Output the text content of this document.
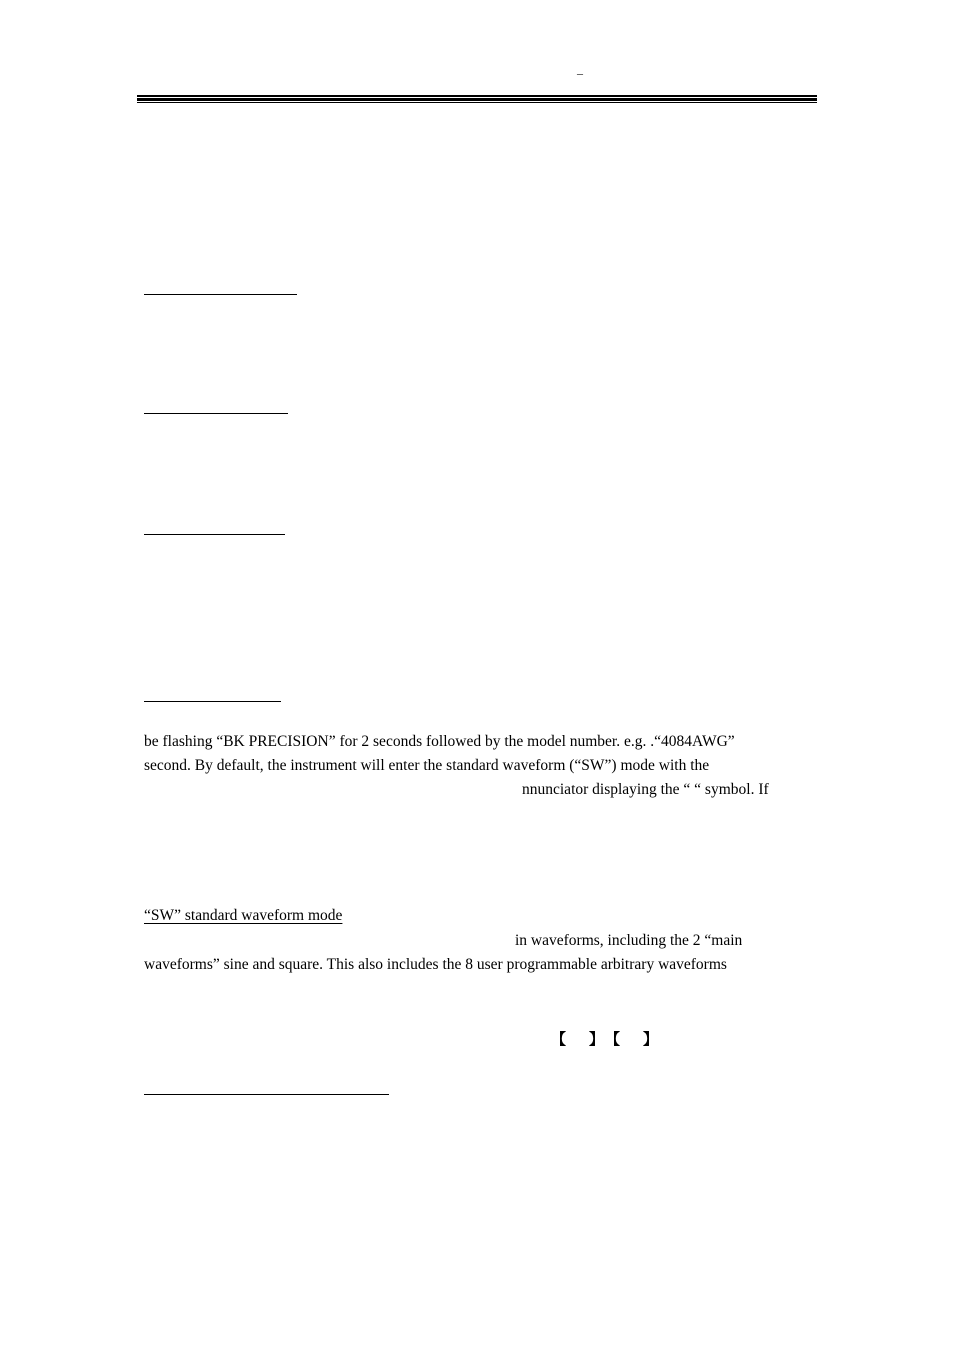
–
be flashing “BK PRECISION” for 2 seconds followed by the model number. e.g. .“4084AWG”
second. By default, the instrument will enter the standard waveform (“SW”) mode with the
nnunciator displaying the “ “ symbol. If
“SW” standard waveform mode
in waveforms, including the 2 “main
waveforms” sine and square. This also includes the 8 user programmable arbitrary waveforms
【 】 【 】
